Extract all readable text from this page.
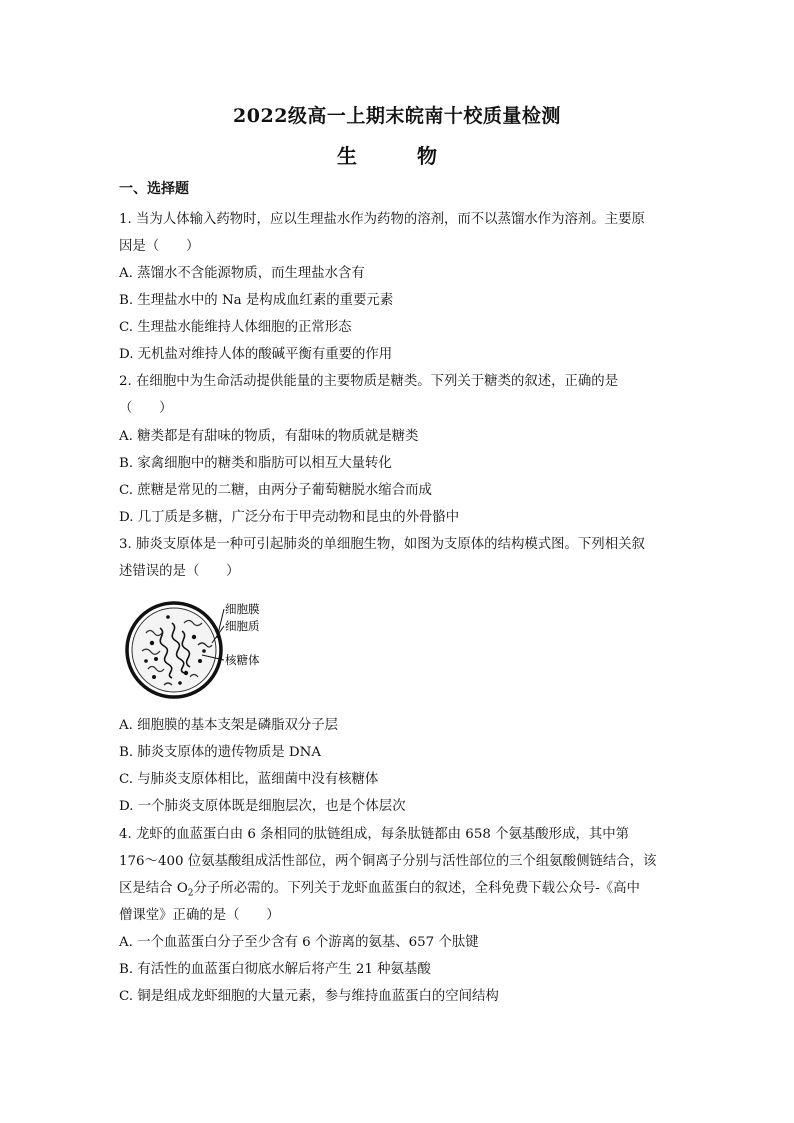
2022级高一上期末皖南十校质量检测
生　物
一、选择题
1. 当为人体输入药物时，应以生理盐水作为药物的溶剂，而不以蒸馏水作为溶剂。主要原
因是（　　）
A. 蒸馏水不含能源物质，而生理盐水含有
B. 生理盐水中的 Na 是构成血红素的重要元素
C. 生理盐水能维持人体细胞的正常形态
D. 无机盐对维持人体的酸碱平衡有重要的作用
2. 在细胞中为生命活动提供能量的主要物质是糖类。下列关于糖类的叙述，正确的是
（　　）
A. 糖类都是有甜味的物质，有甜味的物质就是糖类
B. 家禽细胞中的糖类和脂肪可以相互大量转化
C. 蔗糖是常见的二糖，由两分子葡萄糖脱水缩合而成
D. 几丁质是多糖，广泛分布于甲壳动物和昆虫的外骨骼中
3. 肺炎支原体是一种可引起肺炎的单细胞生物，如图为支原体的结构模式图。下列相关叙
述错误的是（　　）
细胞膜
细胞质
核糖体
A. 细胞膜的基本支架是磷脂双分子层
B. 肺炎支原体的遗传物质是 DNA
C. 与肺炎支原体相比，蓝细菌中没有核糖体
D. 一个肺炎支原体既是细胞层次，也是个体层次
4. 龙虾的血蓝蛋白由 6 条相同的肽链组成，每条肽链都由 658 个氨基酸形成，其中第
176～400 位氨基酸组成活性部位，两个铜离子分别与活性部位的三个组氨酸侧链结合，该
区是结合 $O_2$分子所必需的。下列关于龙虾血蓝蛋白的叙述，全科免费下载公众号-《高中
僧课堂》正确的是（　　）
A. 一个血蓝蛋白分子至少含有 6 个游离的氨基、657 个肽键
B. 有活性的血蓝蛋白彻底水解后将产生 21 种氨基酸
C. 铜是组成龙虾细胞的大量元素，参与维持血蓝蛋白的空间结构
